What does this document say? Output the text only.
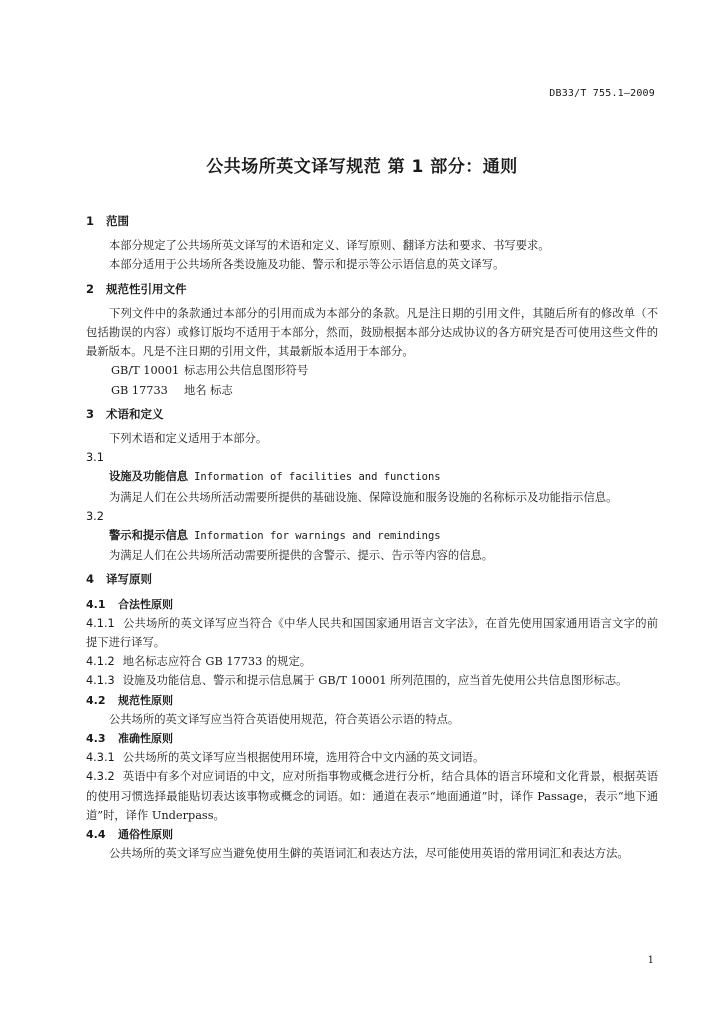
DB33/T 755.1—2009
公共场所英文译写规范 第 1 部分：通则
1 范围

本部分规定了公共场所英文译写的术语和定义、译写原则、翻译方法和要求、书写要求。

本部分适用于公共场所各类设施及功能、警示和提示等公示语信息的英文译写。

2 规范性引用文件

下列文件中的条款通过本部分的引用而成为本部分的条款。凡是注日期的引用文件，其随后所有的修改单（不包括勘误的内容）或修订版均不适用于本部分，然而，鼓励根据本部分达成协议的各方研究是否可使用这些文件的最新版本。凡是不注日期的引用文件，其最新版本适用于本部分。

GB/T 10001 标志用公共信息图形符号

GB 17733 地名 标志

3 术语和定义

下列术语和定义适用于本部分。

3.1

设施及功能信息 Information of facilities and functions

为满足人们在公共场所活动需要所提供的基础设施、保障设施和服务设施的名称标示及功能指示信息。

3.2

警示和提示信息 Information for warnings and remindings

为满足人们在公共场所活动需要所提供的含警示、提示、告示等内容的信息。

4 译写原则
4.1 合法性原则

4.1.1 公共场所的英文译写应当符合《中华人民共和国国家通用语言文字法》，在首先使用国家通用语言文字的前提下进行译写。

4.1.2 地名标志应符合 GB 17733 的规定。

4.1.3 设施及功能信息、警示和提示信息属于 GB/T 10001 所列范围的，应当首先使用公共信息图形标志。

4.2 规范性原则

公共场所的英文译写应当符合英语使用规范，符合英语公示语的特点。

4.3 准确性原则

4.3.1 公共场所的英文译写应当根据使用环境，选用符合中文内涵的英文词语。

4.3.2 英语中有多个对应词语的中文，应对所指事物或概念进行分析，结合具体的语言环境和文化背景，根据英语的使用习惯选择最能贴切表达该事物或概念的词语。如：通道在表示“地面通道”时，译作 Passage，表示“地下通道”时，译作 Underpass。

4.4 通俗性原则

公共场所的英文译写应当避免使用生僻的英语词汇和表达方法，尽可能使用英语的常用词汇和表达方法。

1
